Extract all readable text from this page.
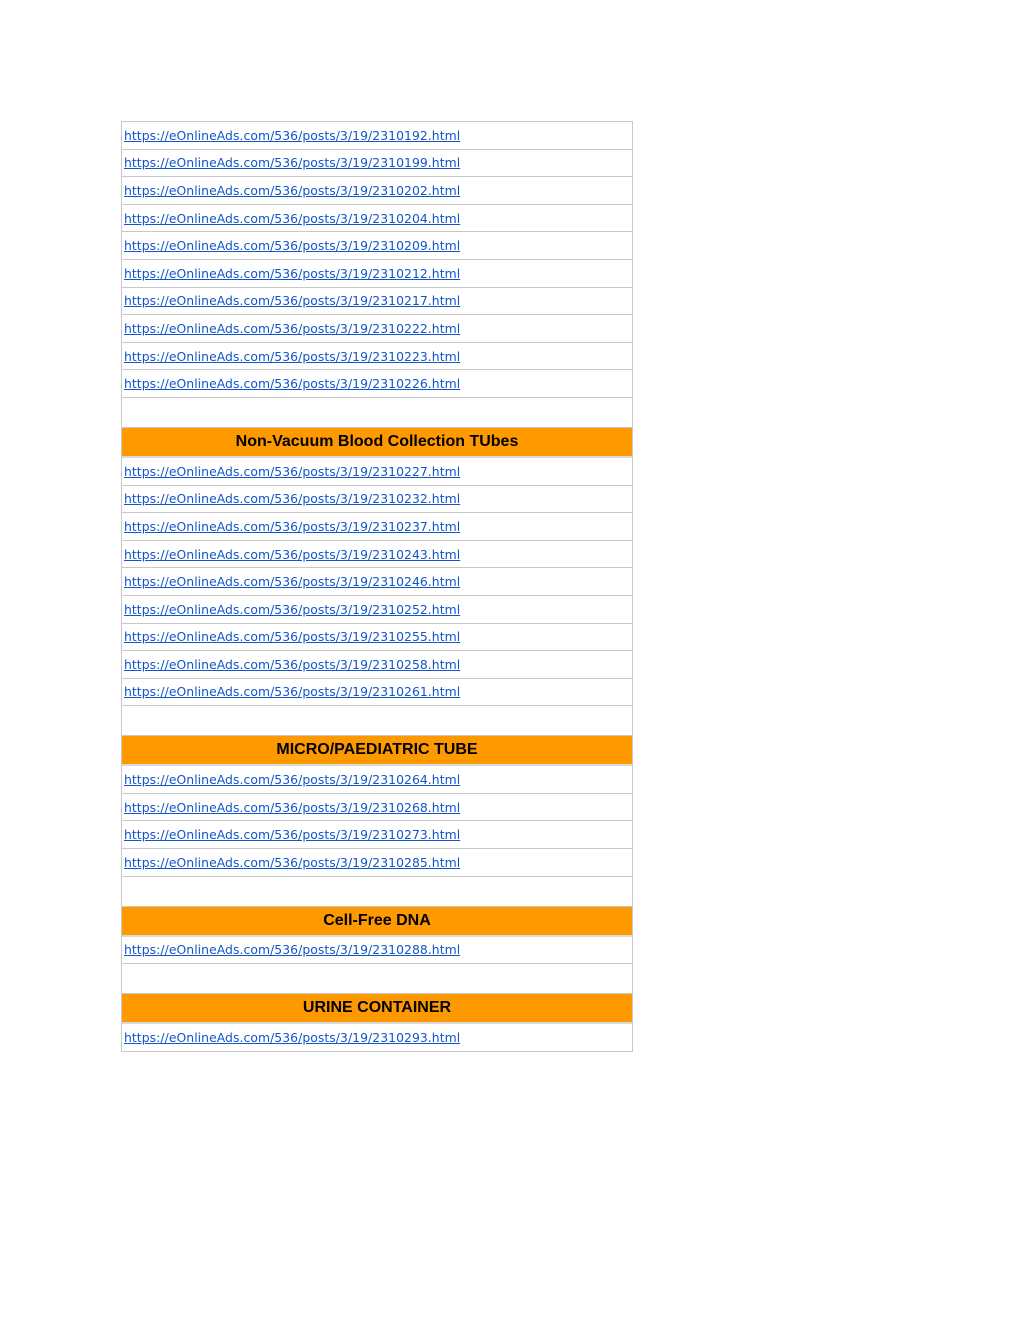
https://eOnlineAds.com/536/posts/3/19/2310192.html
https://eOnlineAds.com/536/posts/3/19/2310199.html
https://eOnlineAds.com/536/posts/3/19/2310202.html
https://eOnlineAds.com/536/posts/3/19/2310204.html
https://eOnlineAds.com/536/posts/3/19/2310209.html
https://eOnlineAds.com/536/posts/3/19/2310212.html
https://eOnlineAds.com/536/posts/3/19/2310217.html
https://eOnlineAds.com/536/posts/3/19/2310222.html
https://eOnlineAds.com/536/posts/3/19/2310223.html
https://eOnlineAds.com/536/posts/3/19/2310226.html
Non-Vacuum Blood Collection TUbes
https://eOnlineAds.com/536/posts/3/19/2310227.html
https://eOnlineAds.com/536/posts/3/19/2310232.html
https://eOnlineAds.com/536/posts/3/19/2310237.html
https://eOnlineAds.com/536/posts/3/19/2310243.html
https://eOnlineAds.com/536/posts/3/19/2310246.html
https://eOnlineAds.com/536/posts/3/19/2310252.html
https://eOnlineAds.com/536/posts/3/19/2310255.html
https://eOnlineAds.com/536/posts/3/19/2310258.html
https://eOnlineAds.com/536/posts/3/19/2310261.html
MICRO/PAEDIATRIC TUBE
https://eOnlineAds.com/536/posts/3/19/2310264.html
https://eOnlineAds.com/536/posts/3/19/2310268.html
https://eOnlineAds.com/536/posts/3/19/2310273.html
https://eOnlineAds.com/536/posts/3/19/2310285.html
Cell-Free DNA
https://eOnlineAds.com/536/posts/3/19/2310288.html
URINE CONTAINER
https://eOnlineAds.com/536/posts/3/19/2310293.html
